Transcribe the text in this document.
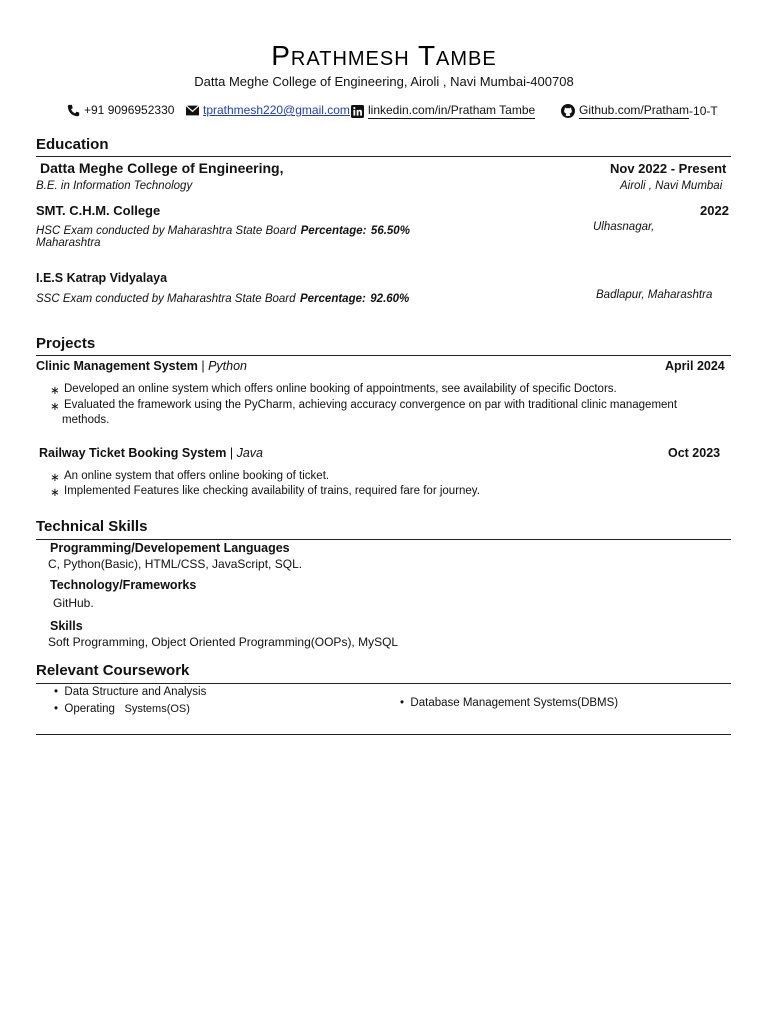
Prathmesh Tambe
Datta Meghe College of Engineering, Airoli , Navi Mumbai-400708
+91 9096952330 tprathmesh220@gmail.com linkedin.com/in/Pratham Tambe	Github.com/Pratham -10-T
Education
Datta Meghe College of Engineering,	Nov 2022 - Present
B.E. in Information Technology	Airoli , Navi Mumbai
SMT. C.H.M. College	2022
HSC Exam conducted by Maharashtra State Board Percentage: 56.50%	Ulhasnagar,
Maharashtra
I.E.S Katrap Vidyalaya
SSC Exam conducted by Maharashtra State Board Percentage: 92.60%	Badlapur, Maharashtra
Projects
Clinic Management System | Python	April 2024
∗ Developed an online system which offers online booking of appointments, see availability of specific Doctors.
∗ Evaluated the framework using the PyCharm, achieving accuracy convergence on par with traditional clinic management
methods.
Railway Ticket Booking System | Java	Oct 2023
∗ An online system that offers online booking of ticket.
∗ Implemented Features like checking availability of trains, required fare for journey.
Technical Skills
Programming/Developement Languages
C, Python(Basic), HTML/CSS, JavaScript, SQL.
Technology/Frameworks
GitHub.
Skills
Soft Programming, Object Oriented Programming(OOPs), MySQL
Relevant Coursework
•  Data Structure and Analysis
•  Operating Systems(OS)	•  Database Management Systems(DBMS)
